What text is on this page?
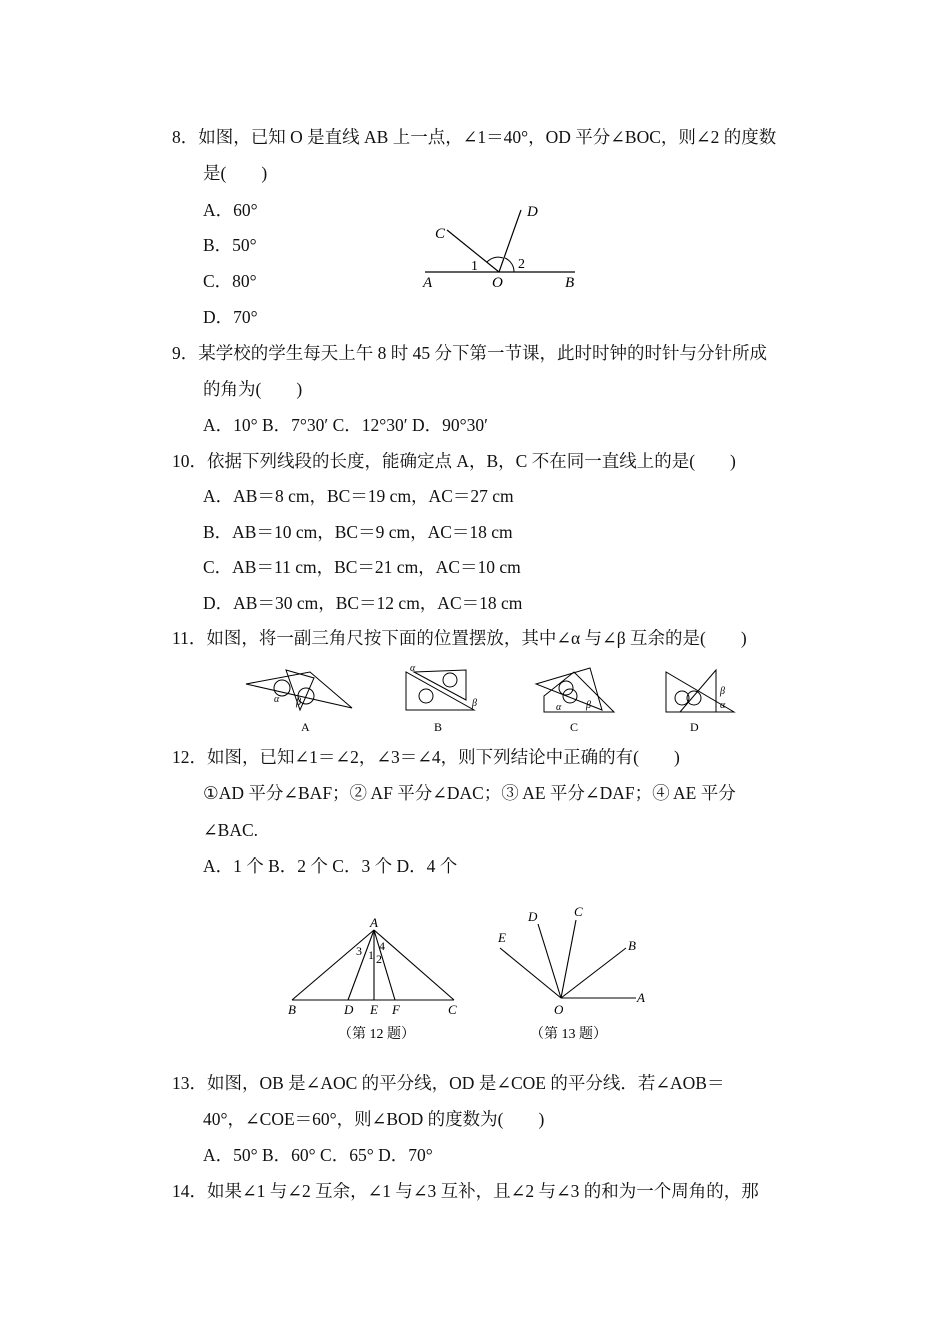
8．如图，已知 O 是直线 AB 上一点，∠1＝40°，OD 平分∠BOC，则∠2 的度数
是(　　)
A．60°
B．50°
C．80°
D．70°
C
D
A	O	B
1	2
9．某学校的学生每天上午 8 时 45 分下第一节课，此时时钟的时针与分针所成
的角为(　　)
A．10° B．7°30′ C．12°30′ D．90°30′
10．依据下列线段的长度，能确定点 A，B，C 不在同一直线上的是(　　)
A．AB＝8 cm，BC＝19 cm，AC＝27 cm
B．AB＝10 cm，BC＝9 cm，AC＝18 cm
C．AB＝11 cm，BC＝21 cm，AC＝10 cm
D．AB＝30 cm，BC＝12 cm，AC＝18 cm
11．如图，将一副三角尺按下面的位置摆放，其中∠α 与∠β 互余的是(　　)
α β
A
α
β
B
α β
C
β
α
D
12．如图，已知∠1＝∠2，∠3＝∠4，则下列结论中正确的有(　　)
①AD 平分∠BAF；② AF 平分∠DAC；③ AE 平分∠DAF；④ AE 平分
∠BAC.
A．1 个 B．2 个 C．3 个 D．4 个
A
B	D E F	C
3 4
1 2
（第 12 题）
A
B
C
D
E
O
（第 13 题）
13．如图，OB 是∠AOC 的平分线，OD 是∠COE 的平分线．若∠AOB＝
40°，∠COE＝60°，则∠BOD 的度数为(　　)
A．50° B．60° C．65° D．70°
14．如果∠1 与∠2 互余，∠1 与∠3 互补，且∠2 与∠3 的和为一个周角的，那
